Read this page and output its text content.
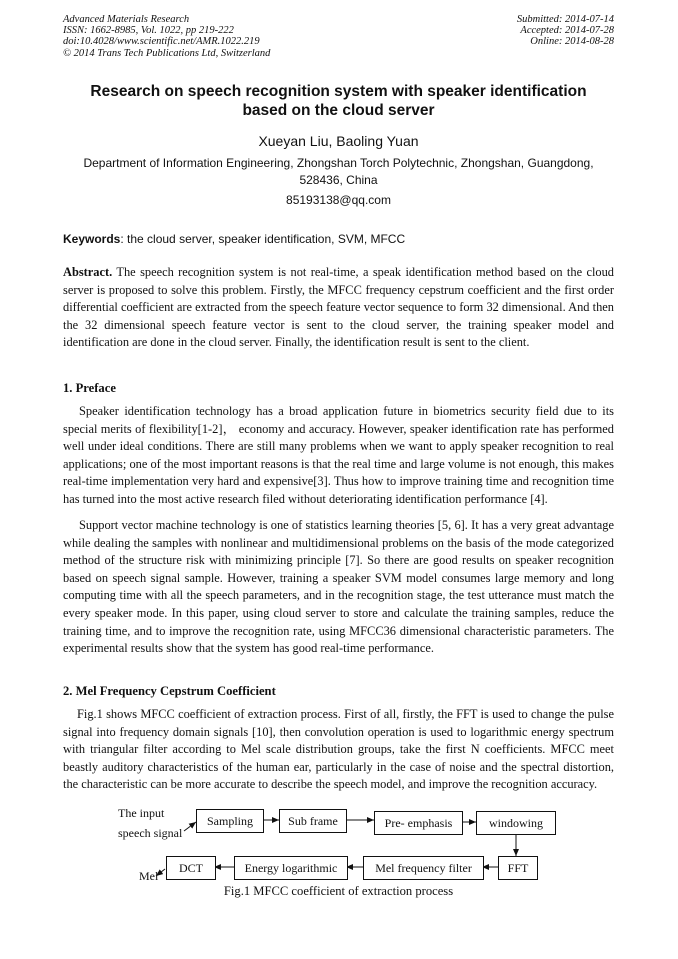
Advanced Materials Research
ISSN: 1662-8985, Vol. 1022, pp 219-222
doi:10.4028/www.scientific.net/AMR.1022.219
© 2014 Trans Tech Publications Ltd, Switzerland
Submitted: 2014-07-14
Accepted: 2014-07-28
Online: 2014-08-28
Research on speech recognition system with speaker identification
based on the cloud server
Xueyan Liu, Baoling Yuan
Department of Information Engineering, Zhongshan Torch Polytechnic, Zhongshan, Guangdong,
528436, China
85193138@qq.com
Keywords: the cloud server, speaker identification, SVM, MFCC

Abstract. The speech recognition system is not real-time, a speak identification method based on the cloud server is proposed to solve this problem. Firstly, the MFCC frequency cepstrum coefficient and the first order differential coefficient are extracted from the speech feature vector sequence to form 32 dimensional. And then the 32 dimensional speech feature vector is sent to the cloud server, the training speaker model and identification are done in the cloud server. Finally, the identification result is sent to the client.

1. Preface

Speaker identification technology has a broad application future in biometrics security field due to its special merits of flexibility[1-2]， economy and accuracy. However, speaker identification rate has performed well under ideal conditions. There are still many problems when we want to apply speaker recognition to real applications; one of the most important reasons is that the real time and large volume is not enough, this makes real-time implementation very hard and expensive[3]. Thus how to improve training time and recognition time has turned into the most active research filed without deteriorating identification performance [4].

Support vector machine technology is one of statistics learning theories [5, 6]. It has a very great advantage while dealing the samples with nonlinear and multidimensional problems on the basis of the mode categorized method of the structure risk with minimizing principle [7]. So there are good results on speaker recognition based on speech signal sample. However, training a speaker SVM model consumes large memory and long computing time with all the speech parameters, and in the recognition stage, the test utterance must match the every speaker mode. In this paper, using cloud server to store and calculate the training samples, reduce the training time, and to improve the recognition rate, using MFCC36 dimensional characteristic parameters. The experimental results show that the system has good real-time performance.

2. Mel Frequency Cepstrum Coefficient

Fig.1 shows MFCC coefficient of extraction process. First of all, firstly, the FFT is used to change the pulse signal into frequency domain signals [10], then convolution operation is used to logarithmic energy spectrum with triangular filter according to Mel scale distribution groups, take the first N coefficients. MFCC meet beastly auditory characteristics of the human ear, particularly in the case of noise and the spectral distortion, the characteristic can be more accurate to describe the speech model, and improve the recognition accuracy.

The input
speech signal
Mel
Sampling	Sub frame	Pre- emphasis	windowing
FFT
Mel frequency filter
Energy logarithmic
DCT
Fig.1 MFCC coefficient of extraction process
